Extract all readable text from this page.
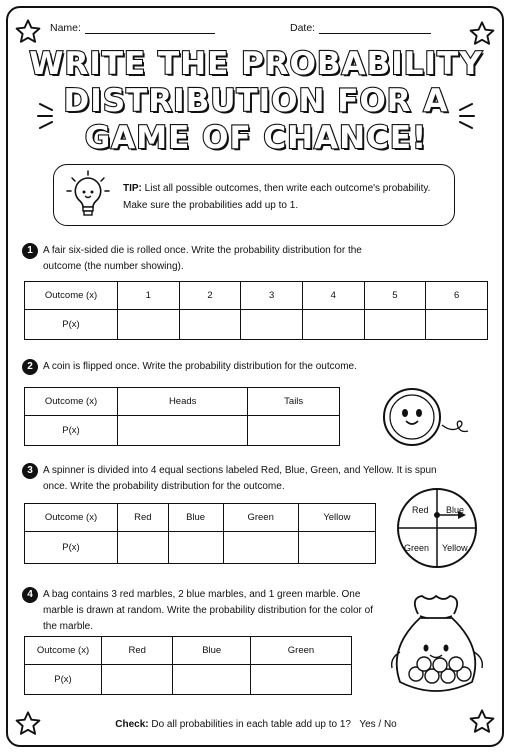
Name:	Date:
WRITE THE PROBABILITY
DISTRIBUTION FOR A
GAME OF CHANCE!
TIP: List all possible outcomes, then write each outcome's probability. Make sure the probabilities add up to 1.
1 A fair six-sided die is rolled once. Write the probability distribution for the outcome (the number showing).
Outcome (x)	1	2	3	4	5	6
P(x)						
2 A coin is flipped once. Write the probability distribution for the outcome.
Outcome (x)	Heads	Tails
P(x)		
3 A spinner is divided into 4 equal sections labeled Red, Blue, Green, and Yellow. It is spun once. Write the probability distribution for the outcome.
Outcome (x)	Red	Blue	Green	Yellow
P(x)				
Red Blue
Green Yellow
4 A bag contains 3 red marbles, 2 blue marbles, and 1 green marble. One marble is drawn at random. Write the probability distribution for the color of the marble.
Outcome (x)	Red	Blue	Green
P(x)			
Check: Do all probabilities in each table add up to 1? Yes / No
